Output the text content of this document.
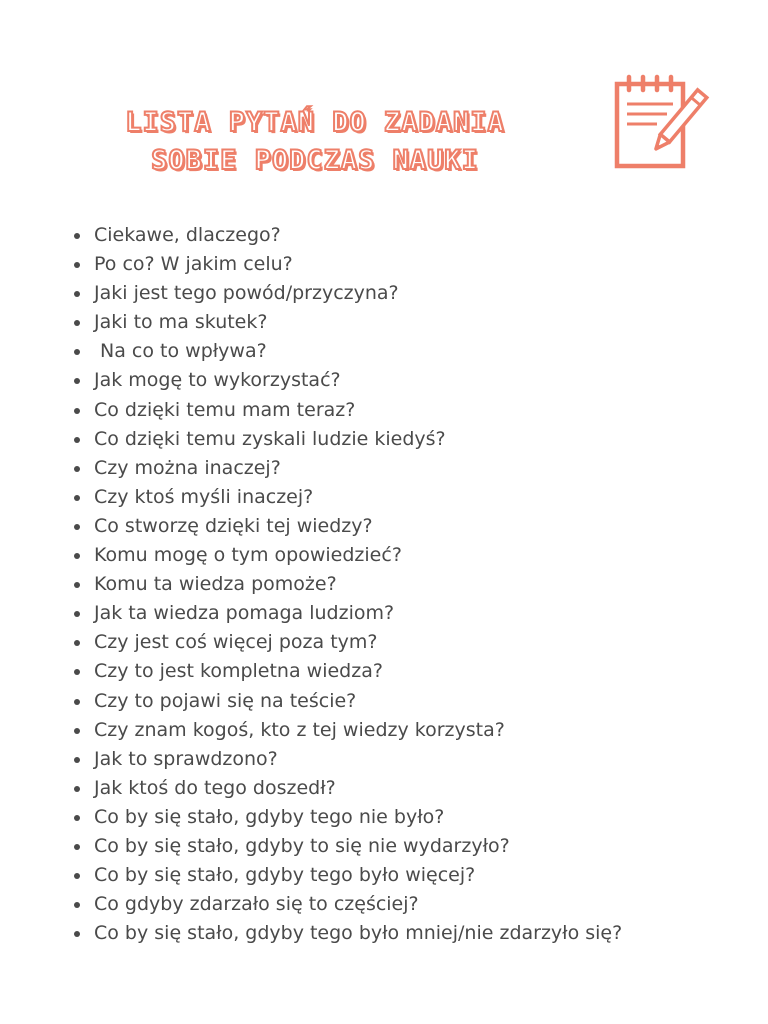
LISTA PYTAŃ DO ZADANIA
SOBIE PODCZAS NAUKI
Ciekawe, dlaczego?
Po co? W jakim celu?
Jaki jest tego powód/przyczyna?
Jaki to ma skutek?
Na co to wpływa?
Jak mogę to wykorzystać?
Co dzięki temu mam teraz?
Co dzięki temu zyskali ludzie kiedyś?
Czy można inaczej?
Czy ktoś myśli inaczej?
Co stworzę dzięki tej wiedzy?
Komu mogę o tym opowiedzieć?
Komu ta wiedza pomoże?
Jak ta wiedza pomaga ludziom?
Czy jest coś więcej poza tym?
Czy to jest kompletna wiedza?
Czy to pojawi się na teście?
Czy znam kogoś, kto z tej wiedzy korzysta?
Jak to sprawdzono?
Jak ktoś do tego doszedł?
Co by się stało, gdyby tego nie było?
Co by się stało, gdyby to się nie wydarzyło?
Co by się stało, gdyby tego było więcej?
Co gdyby zdarzało się to częściej?
Co by się stało, gdyby tego było mniej/nie zdarzyło się?
